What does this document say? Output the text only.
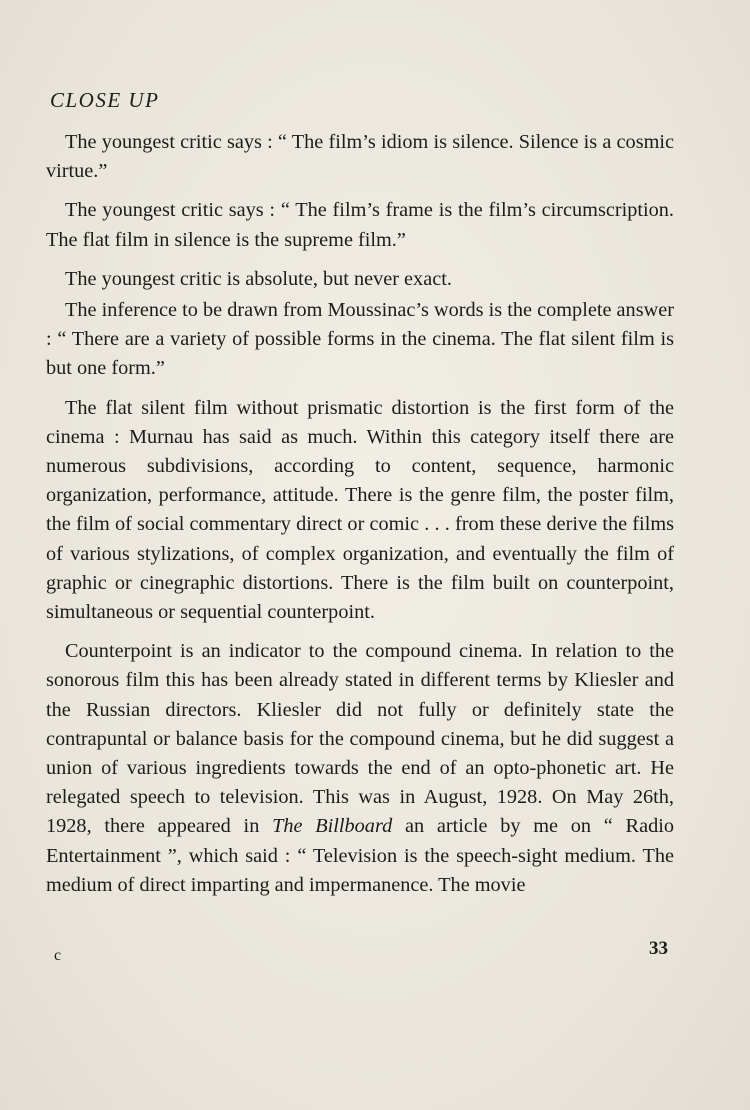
CLOSE UP

The youngest critic says : “ The film’s idiom is silence. Silence is a cosmic virtue.”

The youngest critic says : “ The film’s frame is the film’s circumscription. The flat film in silence is the supreme film.”

The youngest critic is absolute, but never exact.

The inference to be drawn from Moussinac’s words is the complete answer : “ There are a variety of possible forms in the cinema. The flat silent film is but one form.”

The flat silent film without prismatic distortion is the first form of the cinema : Murnau has said as much. Within this category itself there are numerous subdivisions, according to content, sequence, harmonic organization, performance, attitude. There is the genre film, the poster film, the film of social commentary direct or comic . . . from these derive the films of various stylizations, of complex organization, and eventually the film of graphic or cinegraphic distortions. There is the film built on counterpoint, simultaneous or sequential counterpoint.

Counterpoint is an indicator to the compound cinema. In relation to the sonorous film this has been already stated in different terms by Kliesler and the Russian directors. Kliesler did not fully or definitely state the contrapuntal or balance basis for the compound cinema, but he did suggest a union of various ingredients towards the end of an opto-phonetic art. He relegated speech to television. This was in August, 1928. On May 26th, 1928, there appeared in The Billboard an article by me on “ Radio Entertainment ”, which said : “ Television is the speech-sight medium. The medium of direct imparting and impermanence. The movie

c	33
